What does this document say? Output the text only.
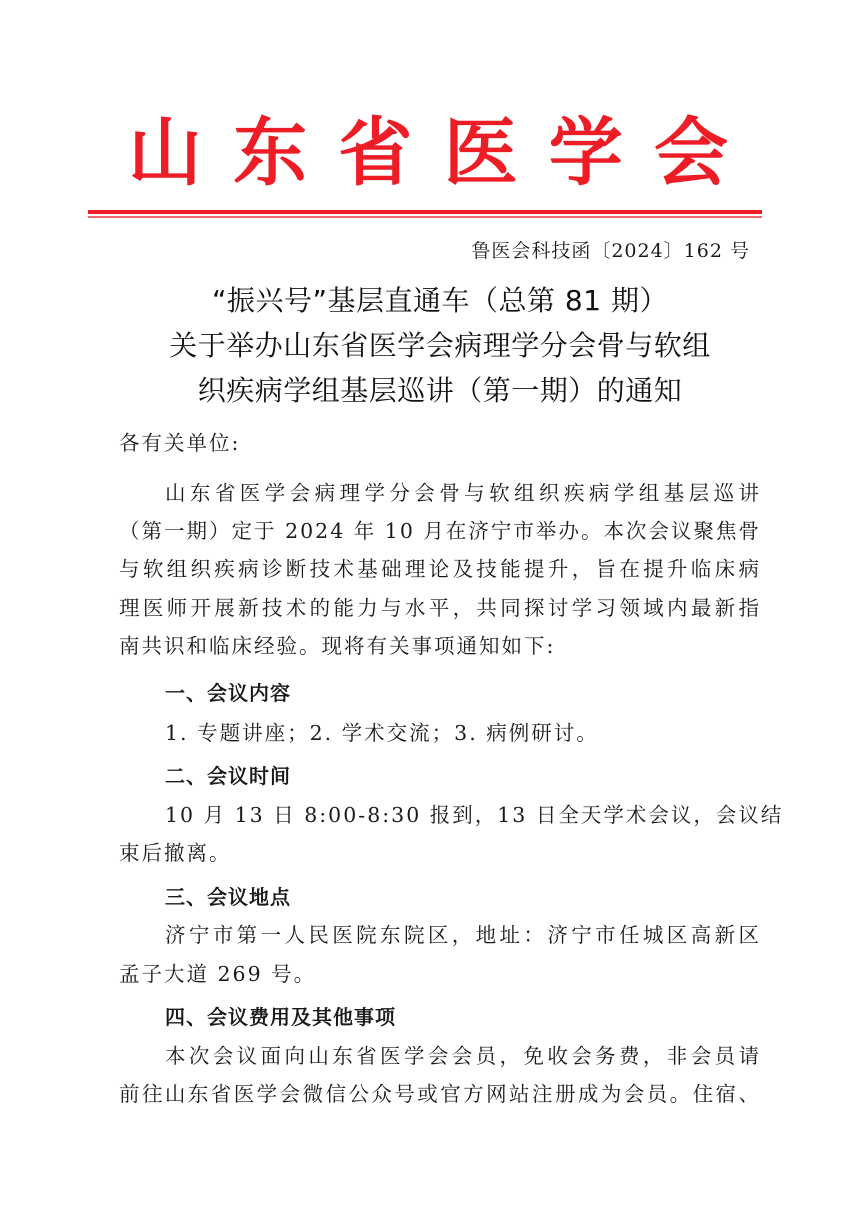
山 东 省 医 学 会
鲁医会科技函〔2024〕162 号
“振兴号”基层直通车（总第 81 期）
关于举办山东省医学会病理学分会骨与软组
织疾病学组基层巡讲（第一期）的通知
各有关单位:
山东省医学会病理学分会骨与软组织疾病学组基层巡讲
（第一期）定于 2024 年 10 月在济宁市举办。本次会议聚焦骨
与软组织疾病诊断技术基础理论及技能提升，旨在提升临床病
理医师开展新技术的能力与水平，共同探讨学习领域内最新指
南共识和临床经验。现将有关事项通知如下:
一、会议内容
1. 专题讲座；2. 学术交流；3. 病例研讨。
二、会议时间
10 月 13 日 8:00-8:30 报到，13 日全天学术会议，会议结
束后撤离。
三、会议地点
济宁市第一人民医院东院区，地址：济宁市任城区高新区
孟子大道 269 号。
四、会议费用及其他事项
本次会议面向山东省医学会会员，免收会务费，非会员请
前往山东省医学会微信公众号或官方网站注册成为会员。住宿、
